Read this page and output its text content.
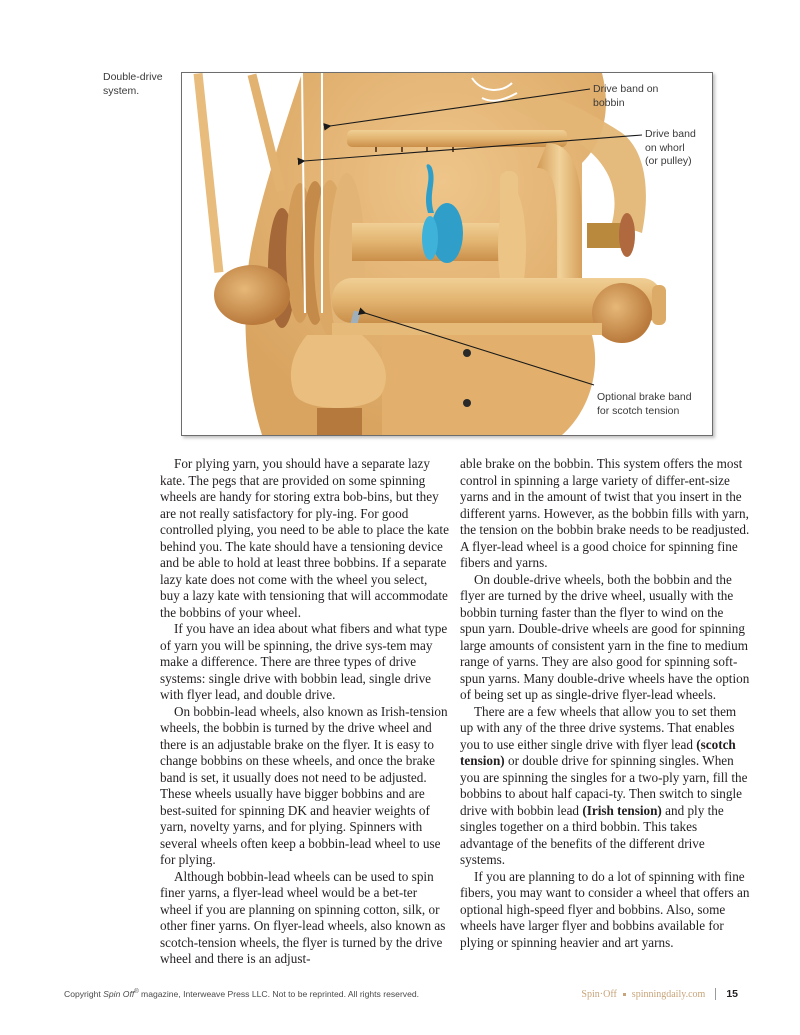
Double-drive system.	Drive band on
bobbin
Drive band
on whorl
(or pulley)
Optional brake band
for scotch tension

For plying yarn, you should have a separate lazy kate. The pegs that are provided on some spinning wheels are handy for storing extra bob-bins, but they are not really satisfactory for ply-ing. For good controlled plying, you need to be able to place the kate behind you. The kate should have a tensioning device and be able to hold at least three bobbins. If a separate lazy kate does not come with the wheel you select, buy a lazy kate with tensioning that will accommodate the bobbins of your wheel.

If you have an idea about what fibers and what type of yarn you will be spinning, the drive sys-tem may make a difference. There are three types of drive systems: single drive with bobbin lead, single drive with flyer lead, and double drive.

On bobbin-lead wheels, also known as Irish-tension wheels, the bobbin is turned by the drive wheel and there is an adjustable brake on the flyer. It is easy to change bobbins on these wheels, and once the brake band is set, it usually does not need to be adjusted. These wheels usually have bigger bobbins and are best-suited for spinning DK and heavier weights of yarn, novelty yarns, and for plying. Spinners with several wheels often keep a bobbin-lead wheel to use for plying.

Although bobbin-lead wheels can be used to spin finer yarns, a flyer-lead wheel would be a bet-ter wheel if you are planning on spinning cotton, silk, or other finer yarns. On flyer-lead wheels, also known as scotch-tension wheels, the flyer is turned by the drive wheel and there is an adjust-

able brake on the bobbin. This system offers the most control in spinning a large variety of differ-ent-size yarns and in the amount of twist that you insert in the different yarns. However, as the bobbin fills with yarn, the tension on the bobbin brake needs to be readjusted. A flyer-lead wheel is a good choice for spinning fine fibers and yarns.

On double-drive wheels, both the bobbin and the flyer are turned by the drive wheel, usually with the bobbin turning faster than the flyer to wind on the spun yarn. Double-drive wheels are good for spinning large amounts of consistent yarn in the fine to medium range of yarns. They are also good for spinning soft-spun yarns. Many double-drive wheels have the option of being set up as single-drive flyer-lead wheels.

There are a few wheels that allow you to set them up with any of the three drive systems. That enables you to use either single drive with flyer lead (scotch tension) or double drive for spinning singles. When you are spinning the singles for a two-ply yarn, fill the bobbins to about half capaci-ty. Then switch to single drive with bobbin lead (Irish tension) and ply the singles together on a third bobbin. This takes advantage of the benefits of the different drive systems.

If you are planning to do a lot of spinning with fine fibers, you may want to consider a wheel that offers an optional high-speed flyer and bobbins. Also, some wheels have larger flyer and bobbins available for plying or spinning heavier and art yarns.

Copyright Spin Off® magazine, Interweave Press LLC. Not to be reprinted. All rights reserved.	Spin·Off spinningdaily.com 15
